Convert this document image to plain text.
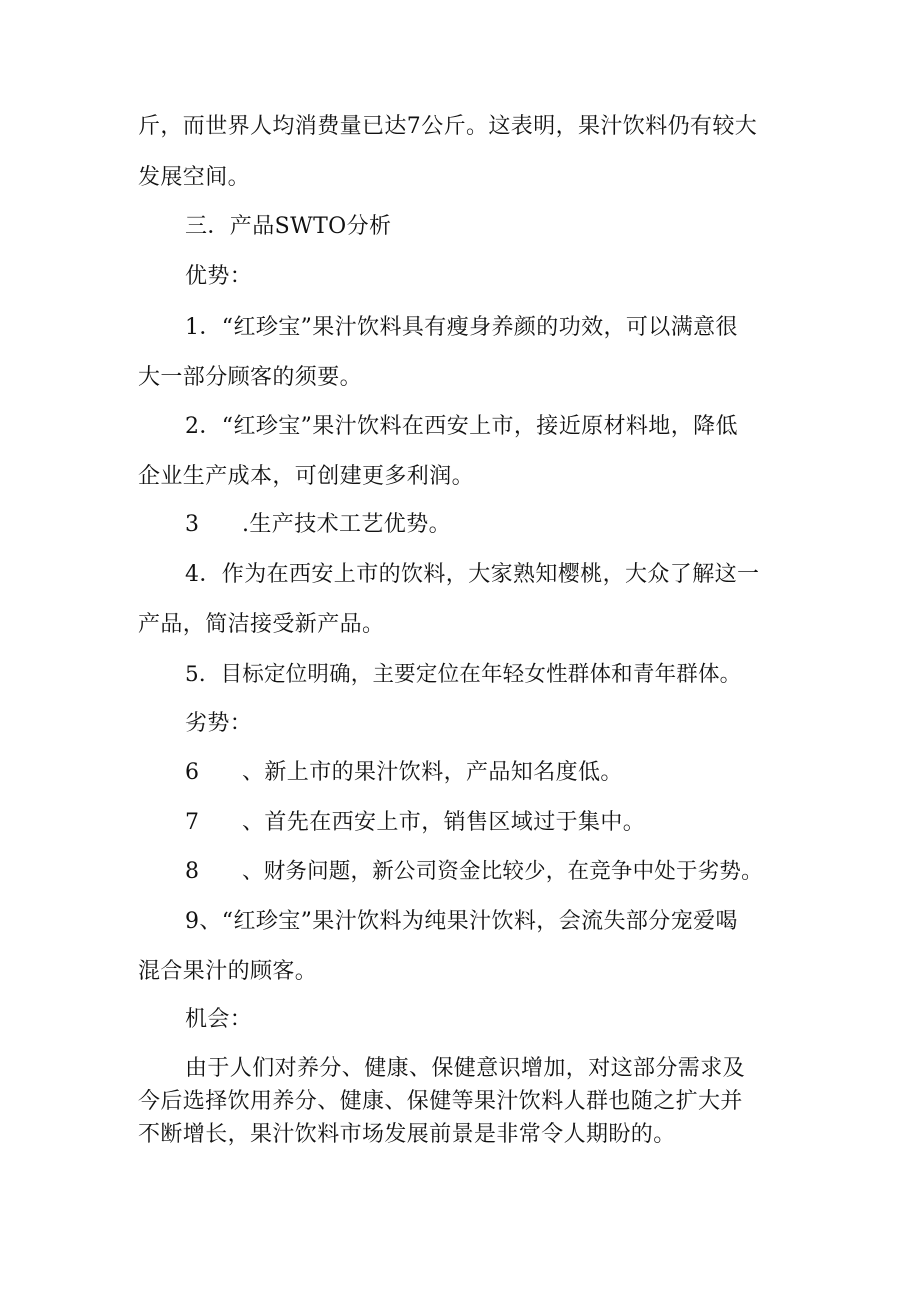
斤，而世界人均消费量已达7公斤。这表明，果汁饮料仍有较大
发展空间。
三．产品SWTO分析
优势：
1．“红珍宝”果汁饮料具有瘦身养颜的功效，可以满意很
大一部分顾客的须要。
2．“红珍宝”果汁饮料在西安上市，接近原材料地，降低
企业生产成本，可创建更多利润。
3 .生产技术工艺优势。
4．作为在西安上市的饮料，大家熟知樱桃，大众了解这一
产品，简洁接受新产品。
5．目标定位明确，主要定位在年轻女性群体和青年群体。
劣势：
6 、新上市的果汁饮料，产品知名度低。
7 、首先在西安上市，销售区域过于集中。
8 、财务问题，新公司资金比较少，在竞争中处于劣势。
9、“红珍宝”果汁饮料为纯果汁饮料，会流失部分宠爱喝
混合果汁的顾客。
机会：
由于人们对养分、健康、保健意识增加，对这部分需求及
今后选择饮用养分、健康、保健等果汁饮料人群也随之扩大并
不断增长，果汁饮料市场发展前景是非常令人期盼的。
